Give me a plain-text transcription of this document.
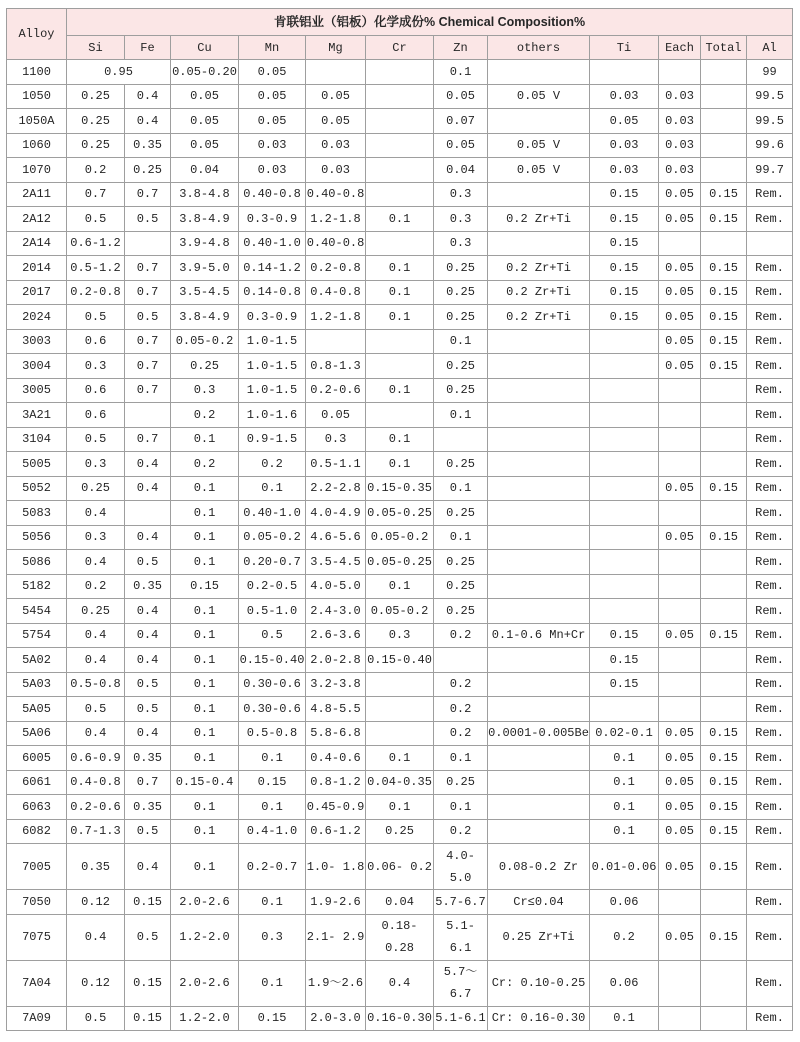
Alloy	肯联铝业（铝板）化学成份% Chemical Composition%											
	Si	Fe	Cu	Mn	Mg	Cr	Zn	others	Ti	Each	Total	Al
1100	0.95		0.05-0.20	0.05			0.1					99
1050	0.25	0.4	0.05	0.05	0.05		0.05	0.05 V	0.03	0.03		99.5
1050A	0.25	0.4	0.05	0.05	0.05		0.07		0.05	0.03		99.5
1060	0.25	0.35	0.05	0.03	0.03		0.05	0.05 V	0.03	0.03		99.6
1070	0.2	0.25	0.04	0.03	0.03		0.04	0.05 V	0.03	0.03		99.7
2A11	0.7	0.7	3.8-4.8	0.40-0.8	0.40-0.8		0.3		0.15	0.05	0.15	Rem.
2A12	0.5	0.5	3.8-4.9	0.3-0.9	1.2-1.8	0.1	0.3	0.2 Zr+Ti	0.15	0.05	0.15	Rem.
2A14	0.6-1.2		3.9-4.8	0.40-1.0	0.40-0.8		0.3		0.15			
2014	0.5-1.2	0.7	3.9-5.0	0.14-1.2	0.2-0.8	0.1	0.25	0.2 Zr+Ti	0.15	0.05	0.15	Rem.
2017	0.2-0.8	0.7	3.5-4.5	0.14-0.8	0.4-0.8	0.1	0.25	0.2 Zr+Ti	0.15	0.05	0.15	Rem.
2024	0.5	0.5	3.8-4.9	0.3-0.9	1.2-1.8	0.1	0.25	0.2 Zr+Ti	0.15	0.05	0.15	Rem.
3003	0.6	0.7	0.05-0.2	1.0-1.5			0.1			0.05	0.15	Rem.
3004	0.3	0.7	0.25	1.0-1.5	0.8-1.3		0.25			0.05	0.15	Rem.
3005	0.6	0.7	0.3	1.0-1.5	0.2-0.6	0.1	0.25					Rem.
3A21	0.6		0.2	1.0-1.6	0.05		0.1					Rem.
3104	0.5	0.7	0.1	0.9-1.5	0.3	0.1						Rem.
5005	0.3	0.4	0.2	0.2	0.5-1.1	0.1	0.25					Rem.
5052	0.25	0.4	0.1	0.1	2.2-2.8	0.15-0.35	0.1			0.05	0.15	Rem.
5083	0.4		0.1	0.40-1.0	4.0-4.9	0.05-0.25	0.25					Rem.
5056	0.3	0.4	0.1	0.05-0.2	4.6-5.6	0.05-0.2	0.1			0.05	0.15	Rem.
5086	0.4	0.5	0.1	0.20-0.7	3.5-4.5	0.05-0.25	0.25					Rem.
5182	0.2	0.35	0.15	0.2-0.5	4.0-5.0	0.1	0.25					Rem.
5454	0.25	0.4	0.1	0.5-1.0	2.4-3.0	0.05-0.2	0.25					Rem.
5754	0.4	0.4	0.1	0.5	2.6-3.6	0.3	0.2	0.1-0.6 Mn+Cr	0.15	0.05	0.15	Rem.
5A02	0.4	0.4	0.1	0.15-0.40	2.0-2.8	0.15-0.40			0.15			Rem.
5A03	0.5-0.8	0.5	0.1	0.30-0.6	3.2-3.8		0.2		0.15			Rem.
5A05	0.5	0.5	0.1	0.30-0.6	4.8-5.5		0.2					Rem.
5A06	0.4	0.4	0.1	0.5-0.8	5.8-6.8		0.2	0.0001-0.005Be	0.02-0.1	0.05	0.15	Rem.
6005	0.6-0.9	0.35	0.1	0.1	0.4-0.6	0.1	0.1		0.1	0.05	0.15	Rem.
6061	0.4-0.8	0.7	0.15-0.4	0.15	0.8-1.2	0.04-0.35	0.25		0.1	0.05	0.15	Rem.
6063	0.2-0.6	0.35	0.1	0.1	0.45-0.9	0.1	0.1		0.1	0.05	0.15	Rem.
6082	0.7-1.3	0.5	0.1	0.4-1.0	0.6-1.2	0.25	0.2		0.1	0.05	0.15	Rem.
7005	0.35	0.4	0.1	0.2-0.7	1.0- 1.8	0.06- 0.2	4.0-
5.0	0.08-0.2 Zr	0.01-0.06	0.05	0.15	Rem.
7050	0.12	0.15	2.0-2.6	0.1	1.9-2.6	0.04	5.7-6.7	Cr≤0.04	0.06			Rem.
7075	0.4	0.5	1.2-2.0	0.3	2.1- 2.9	0.18-
0.28	5.1-
6.1	0.25 Zr+Ti	0.2	0.05	0.15	Rem.
7A04	0.12	0.15	2.0-2.6	0.1	1.9～2.6	0.4	5.7～
6.7	Cr: 0.10-0.25	0.06			Rem.
7A09	0.5	0.15	1.2-2.0	0.15	2.0-3.0	0.16-0.30	5.1-6.1	Cr: 0.16-0.30	0.1			Rem.
